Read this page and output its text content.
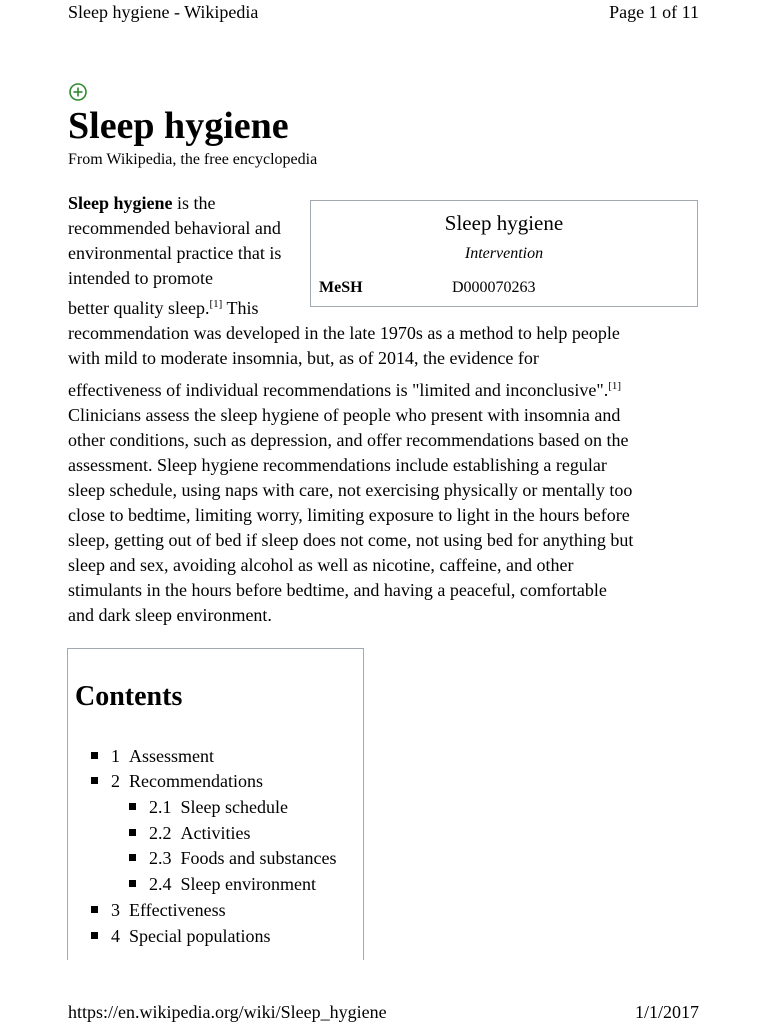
Sleep hygiene - Wikipedia	Page 1 of 11
Sleep hygiene
From Wikipedia, the free encyclopedia
Sleep hygiene is the recommended behavioral and environmental practice that is intended to promote
better quality sleep.[1] This
recommendation was developed in the late 1970s as a method to help people
with mild to moderate insomnia, but, as of 2014, the evidence for
effectiveness of individual recommendations is "limited and inconclusive".[1]
Clinicians assess the sleep hygiene of people who present with insomnia and
other conditions, such as depression, and offer recommendations based on the
assessment. Sleep hygiene recommendations include establishing a regular
sleep schedule, using naps with care, not exercising physically or mentally too
close to bedtime, limiting worry, limiting exposure to light in the hours before
sleep, getting out of bed if sleep does not come, not using bed for anything but
sleep and sex, avoiding alcohol as well as nicotine, caffeine, and other
stimulants in the hours before bedtime, and having a peaceful, comfortable
and dark sleep environment.
Sleep hygiene
Intervention
MeSH	D000070263
Contents
1 Assessment
2 Recommendations
2.1 Sleep schedule
2.2 Activities
2.3 Foods and substances
2.4 Sleep environment
3 Effectiveness
4 Special populations
https://en.wikipedia.org/wiki/Sleep_hygiene	1/1/2017
